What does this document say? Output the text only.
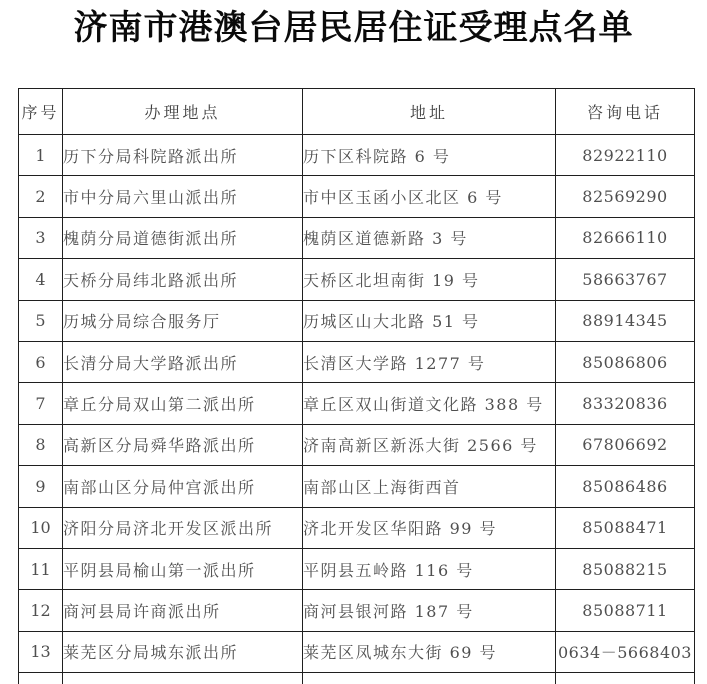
济南市港澳台居民居住证受理点名单
序号	办理地点	地址	咨询电话
1	历下分局科院路派出所	历下区科院路 6 号	82922110
2	市中分局六里山派出所	市中区玉函小区北区 6 号	82569290
3	槐荫分局道德街派出所	槐荫区道德新路 3 号	82666110
4	天桥分局纬北路派出所	天桥区北坦南街 19 号	58663767
5	历城分局综合服务厅	历城区山大北路 51 号	88914345
6	长清分局大学路派出所	长清区大学路 1277 号	85086806
7	章丘分局双山第二派出所	章丘区双山街道文化路 388 号	83320836
8	高新区分局舜华路派出所	济南高新区新泺大街 2566 号	67806692
9	南部山区分局仲宫派出所	南部山区上海街西首	85086486
10	济阳分局济北开发区派出所	济北开发区华阳路 99 号	85088471
11	平阴县局榆山第一派出所	平阴县五岭路 116 号	85088215
12	商河县局许商派出所	商河县银河路 187 号	85088711
13	莱芜区分局城东派出所	莱芜区凤城东大街 69 号	0634－5668403
